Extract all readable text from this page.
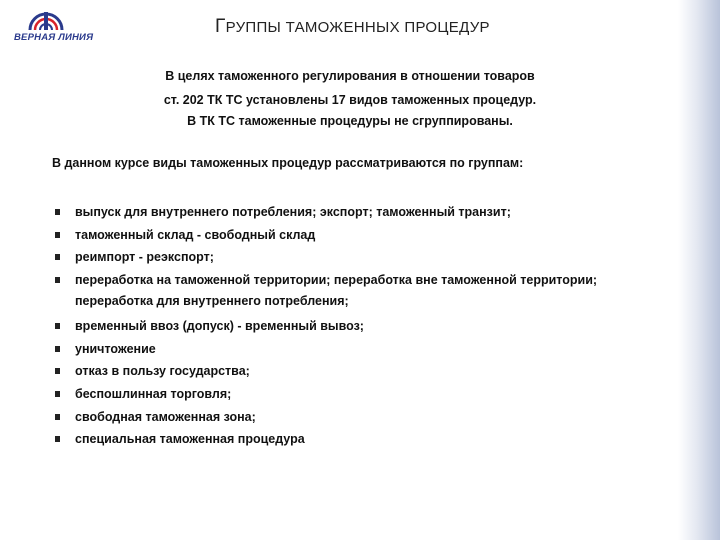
ВЕРНАЯ ЛИНИЯ
ГРУППЫ ТАМОЖЕННЫХ ПРОЦЕДУР
В целях таможенного регулирования в отношении товаров
ст. 202 ТК ТС установлены 17 видов таможенных процедур.
В ТК ТС таможенные процедуры не сгруппированы.
В данном курсе виды таможенных процедур рассматриваются по группам:
выпуск для внутреннего потребления; экспорт; таможенный транзит;
таможенный склад - свободный склад
реимпорт - реэкспорт;
переработка на таможенной территории; переработка вне таможенной территории;
переработка для внутреннего потребления;
временный ввоз (допуск) - временный вывоз;
уничтожение
отказ в пользу государства;
беспошлинная торговля;
свободная таможенная зона;
специальная таможенная процедура
